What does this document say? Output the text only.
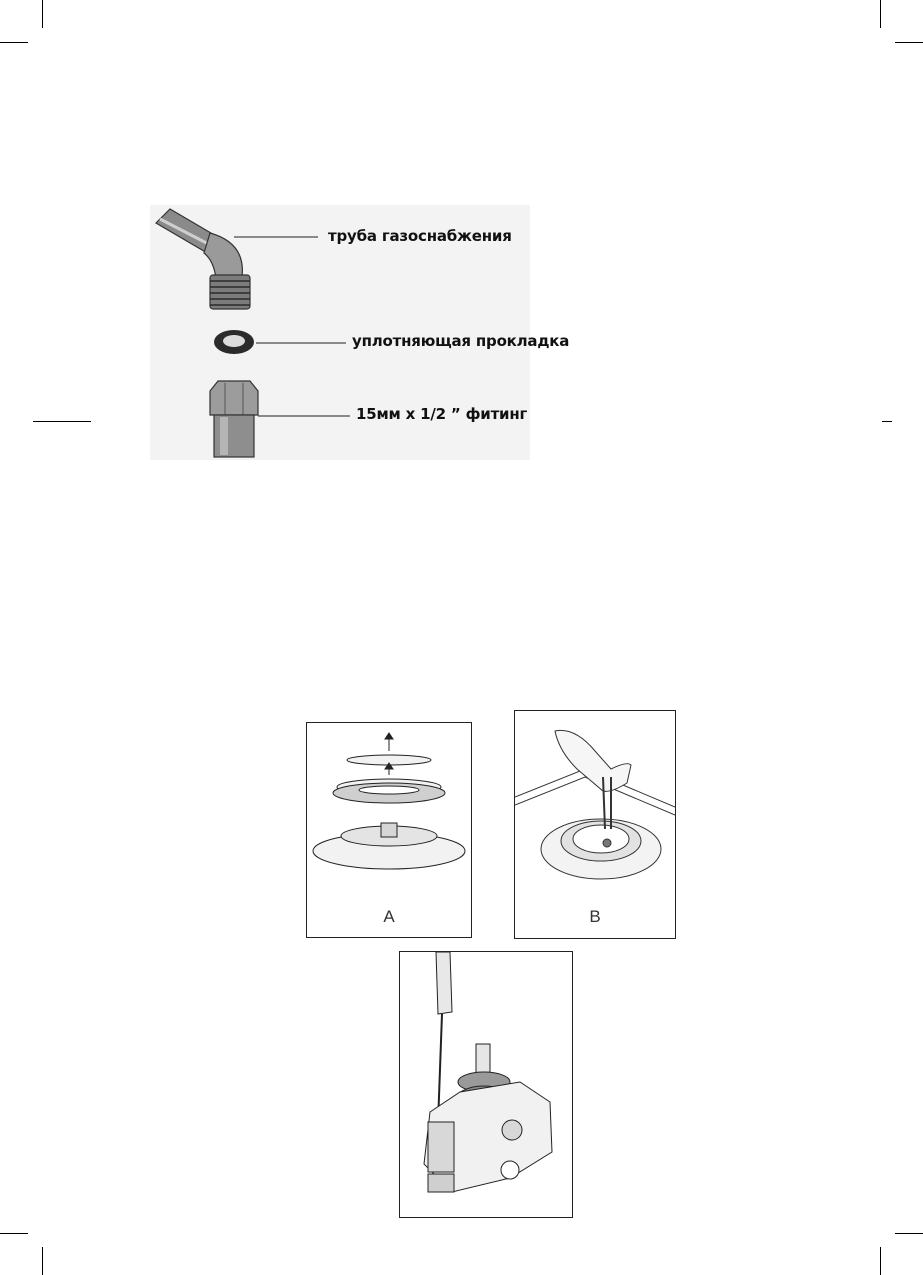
труба газоснабжения
уплотняющая прокладка
15мм х 1/2 ” фитинг
A	B
